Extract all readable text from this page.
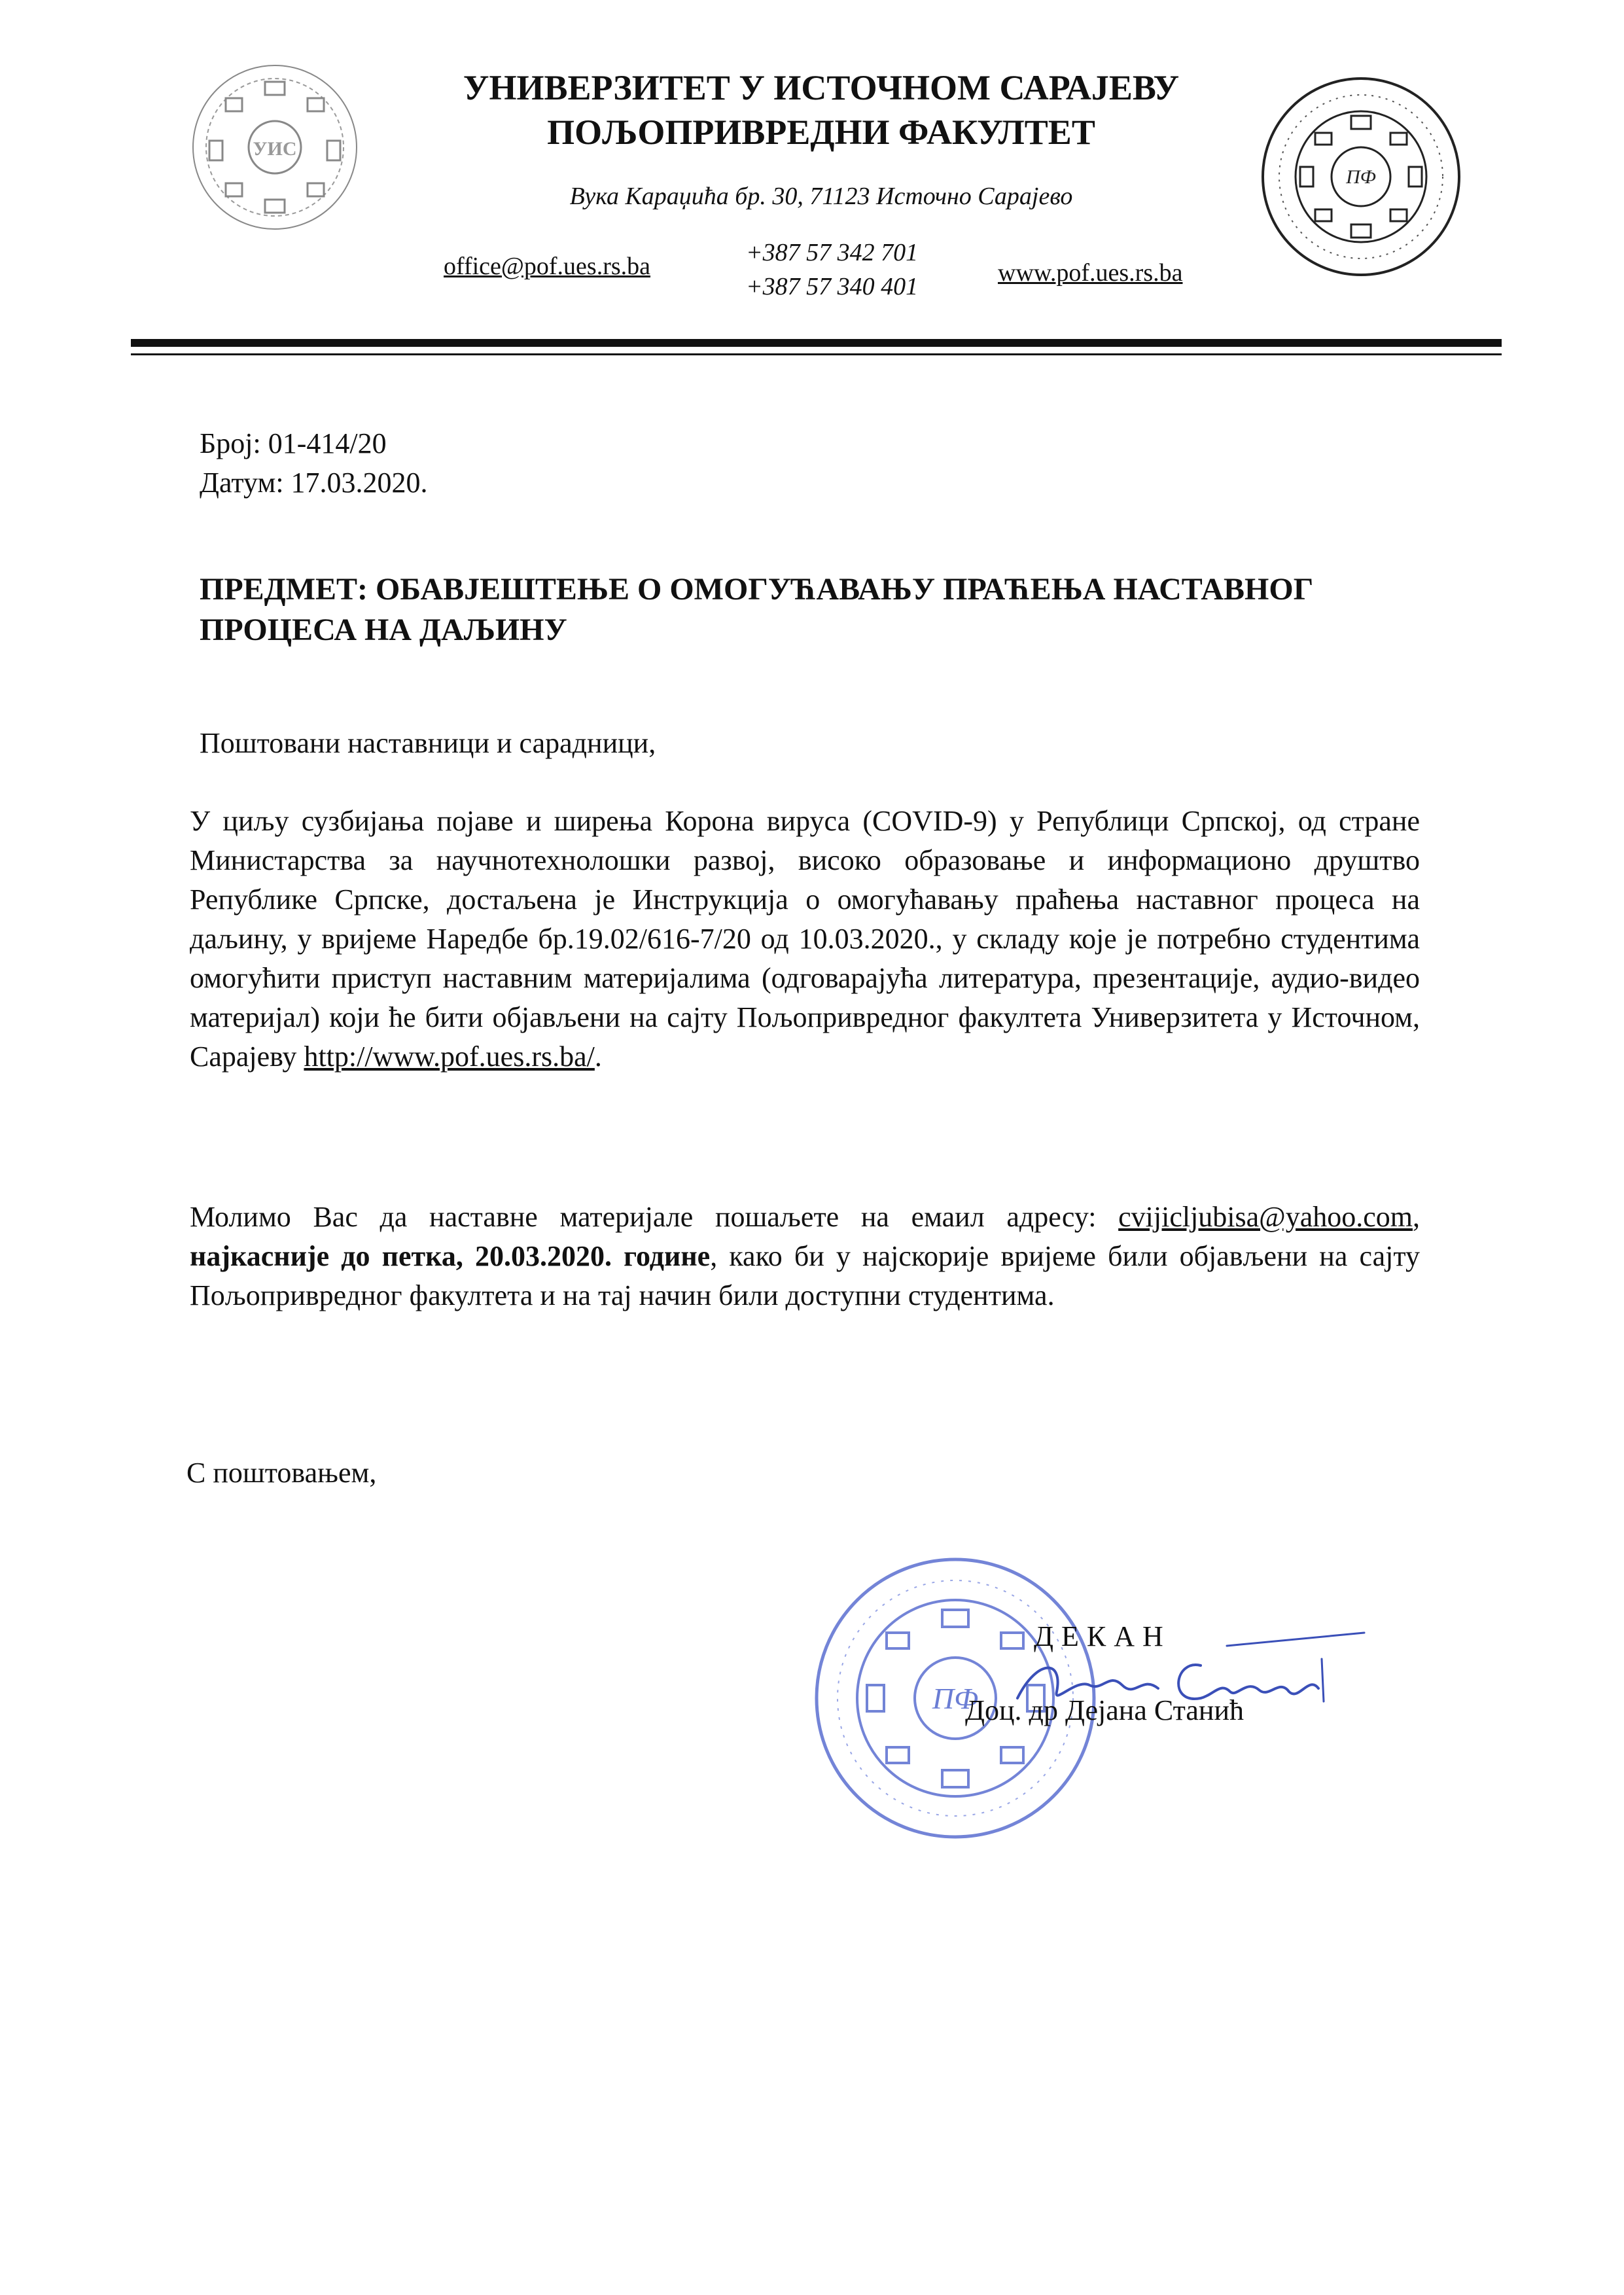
УИС
УНИВЕРЗИТЕТ У ИСТОЧНОМ САРАЈЕВУ
ПОЉОПРИВРЕДНИ ФАКУЛТЕТ
Вука Караџића бр. 30, 71123 Источно Сарајево
office@pof.ues.rs.ba	+387 57 342 701
+387 57 340 401	www.pof.ues.rs.ba
ПФ
Број: 01-414/20
Датум: 17.03.2020.
ПРЕДМЕТ: ОБАВЈЕШТЕЊЕ О ОМОГУЋАВАЊУ ПРАЋЕЊА НАСТАВНОГ ПРОЦЕСА НА ДАЉИНУ
Поштовани наставници и сарадници,
У циљу сузбијања појаве и ширења Корона вируса (COVID-9) у Републици Српској, од стране Министарства за научнотехнолошки развој, високо образовање и информационо друштво Републике Српске, достаљена је Инструкција о омогућавању праћења наставног процеса на даљину, у вријеме Наредбе бр.19.02/616-7/20 од 10.03.2020., у складу које је потребно студентима омогућити приступ наставним материјалима (одговарајућа литература, презентације, аудио-видео материјал) који ће бити објављени на сајту Пољопривредног факултета Универзитета у Источном, Сарајеву http://www.pof.ues.rs.ba/.
Молимо Вас да наставне материјале пошаљете на емаил адресу: cvijicljubisa@yahoo.com, најкасније до петка, 20.03.2020. године, како би у најскорије вријеме били објављени на сајту Пољопривредног факултета и на тај начин били доступни студентима.
С поштовањем,
ПФ
ДЕКАН
Доц. др Дејана Станић
